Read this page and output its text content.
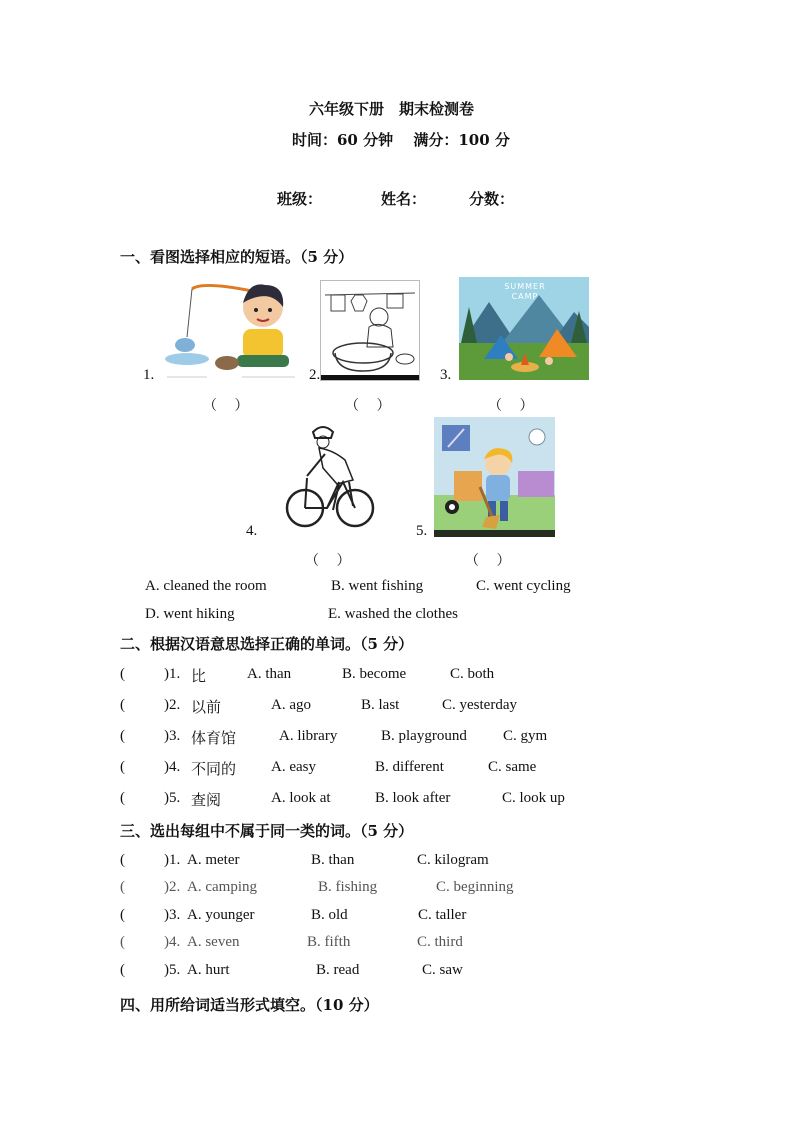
六年级下册　期末检测卷
时间：60 分钟　 满分：100 分
班级：	姓名：	分数：
一、看图选择相应的短语。（5 分）
1.	2.
SUMMER CAMP
3.
（　 ）	（　 ）	（　 ）
4.	5.
（　 ）	（　 ）
A. cleaned the room	B. went fishing	C. went cycling
D. went hiking	E. washed the clothes
二、根据汉语意思选择正确的单词。（5 分）
(	)1. 比	A. than	B. become	C. both
(	)2. 以前	A. ago	B. last	C. yesterday
(	)3. 体育馆	A. library	B. playground C. gym
(	)4. 不同的 A. easy	B. different	C. same
(	)5. 查阅	A. look at	B. look after	C. look up
三、选出每组中不属于同一类的词。（5 分）
(	)1. A. meter	B. than	C. kilogram
(	)2. A. camping	B. fishing	C. beginning
(	)3. A. younger	B. old	C. taller
(	)4. A. seven	B. fifth	C. third
(	)5. A. hurt	B. read	C. saw
四、用所给词适当形式填空。（10 分）
